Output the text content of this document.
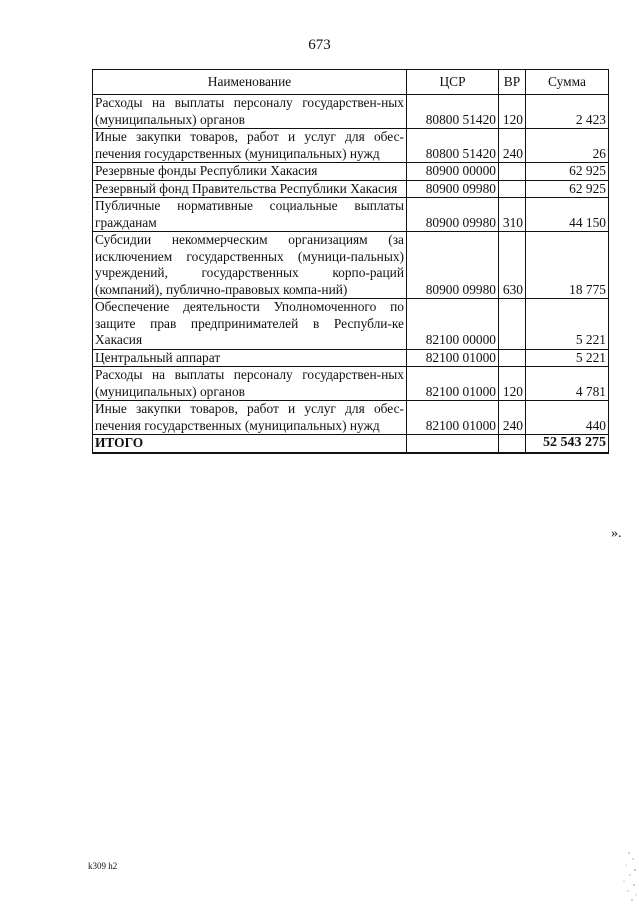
673
Наименование	ЦСР	ВР	Сумма
Расходы на выплаты персоналу государствен-ных (муниципальных) органов	80800 51420	120	2 423
Иные закупки товаров, работ и услуг для обес-печения государственных (муниципальных) нужд	80800 51420	240	26
Резервные фонды Республики Хакасия	80900 00000		62 925
Резервный фонд Правительства Республики Хакасия	80900 09980		62 925
Публичные нормативные социальные выплаты гражданам	80900 09980	310	44 150
Субсидии некоммерческим организациям (за исключением государственных (муници-пальных) учреждений, государственных корпо-раций (компаний), публично-правовых компа-ний)	80900 09980	630	18 775
Обеспечение деятельности Уполномоченного по защите прав предпринимателей в Республи-ке Хакасия	82100 00000		5 221
Центральный аппарат	82100 01000		5 221
Расходы на выплаты персоналу государствен-ных (муниципальных) органов	82100 01000	120	4 781
Иные закупки товаров, работ и услуг для обес-печения государственных (муниципальных) нужд	82100 01000	240	440
ИТОГО			52 543 275
».
k309 h2
